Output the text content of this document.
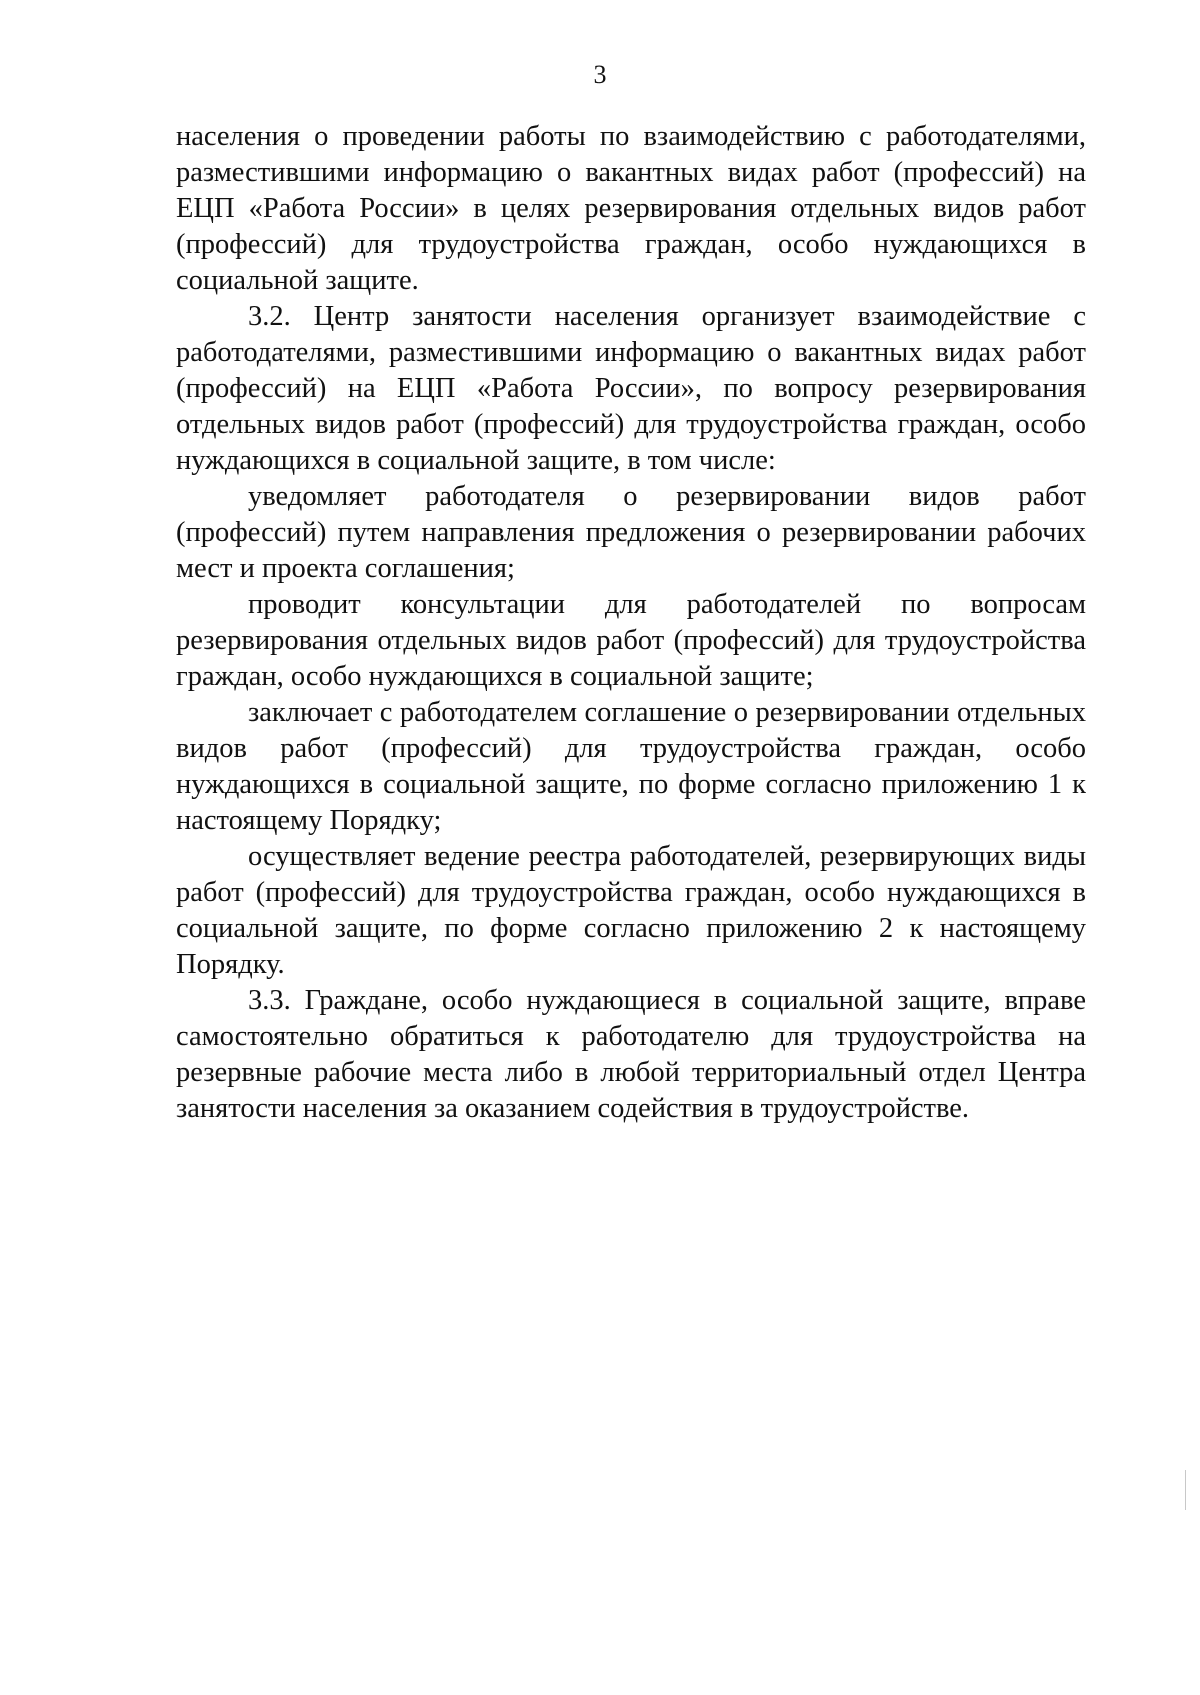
3

населения о проведении работы по взаимодействию с работодателями, разместившими информацию о вакантных видах работ (профессий) на ЕЦП «Работа России» в целях резервирования отдельных видов работ (профессий) для трудоустройства граждан, особо нуждающихся в социальной защите.

3.2. Центр занятости населения организует взаимодействие с работодателями, разместившими информацию о вакантных видах работ (профессий) на ЕЦП «Работа России», по вопросу резервирования отдельных видов работ (профессий) для трудоустройства граждан, особо нуждающихся в социальной защите, в том числе:

уведомляет работодателя о резервировании видов работ (профессий) путем направления предложения о резервировании рабочих мест и проекта соглашения;

проводит консультации для работодателей по вопросам резервирования отдельных видов работ (профессий) для трудоустройства граждан, особо нуждающихся в социальной защите;

заключает с работодателем соглашение о резервировании отдельных видов работ (профессий) для трудоустройства граждан, особо нуждающихся в социальной защите, по форме согласно приложению 1 к настоящему Порядку;

осуществляет ведение реестра работодателей, резервирующих виды работ (профессий) для трудоустройства граждан, особо нуждающихся в социальной защите, по форме согласно приложению 2 к настоящему Порядку.

3.3. Граждане, особо нуждающиеся в социальной защите, вправе самостоятельно обратиться к работодателю для трудоустройства на резервные рабочие места либо в любой территориальный отдел Центра занятости населения за оказанием содействия в трудоустройстве.
